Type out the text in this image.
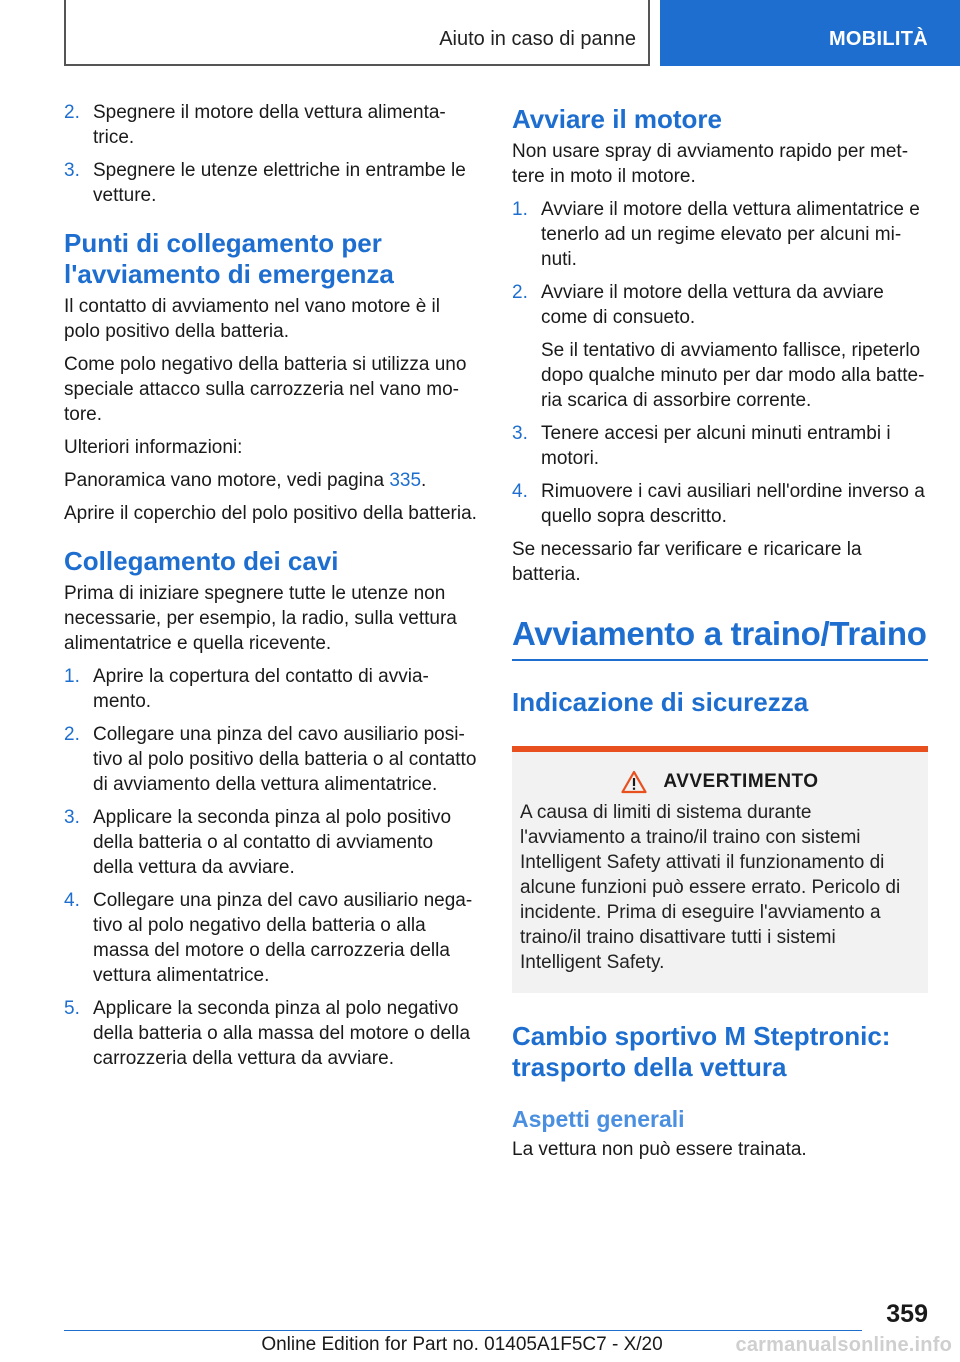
Aiuto in caso di panne	MOBILITÀ
2. Spegnere il motore della vettura alimentatrice.
3. Spegnere le utenze elettriche in entrambe le vetture.
Punti di collegamento per l'avviamento di emergenza

Il contatto di avviamento nel vano motore è il polo positivo della batteria.

Come polo negativo della batteria si utilizza uno speciale attacco sulla carrozzeria nel vano motore.

Ulteriori informazioni:

Panoramica vano motore, vedi pagina 335.

Aprire il coperchio del polo positivo della batteria.

Collegamento dei cavi

Prima di iniziare spegnere tutte le utenze non necessarie, per esempio, la radio, sulla vettura alimentatrice e quella ricevente.

1. Aprire la copertura del contatto di avviamento.
2. Collegare una pinza del cavo ausiliario positivo al polo positivo della batteria o al contatto di avviamento della vettura alimentatrice.
3. Applicare la seconda pinza al polo positivo della batteria o al contatto di avviamento della vettura da avviare.
4. Collegare una pinza del cavo ausiliario negativo al polo negativo della batteria o alla massa del motore o della carrozzeria della vettura alimentatrice.
5. Applicare la seconda pinza al polo negativo della batteria o alla massa del motore o della carrozzeria della vettura da avviare.
Avviare il motore

Non usare spray di avviamento rapido per mettere in moto il motore.

1. Avviare il motore della vettura alimentatrice e tenerlo ad un regime elevato per alcuni minuti.
2. Avviare il motore della vettura da avviare come di consueto.

Se il tentativo di avviamento fallisce, ripeterlo dopo qualche minuto per dar modo alla batteria scarica di assorbire corrente.

3. Tenere accesi per alcuni minuti entrambi i motori.
4. Rimuovere i cavi ausiliari nell'ordine inverso a quello sopra descritto.

Se necessario far verificare e ricaricare la batteria.

Avviamento a traino/Traino
Indicazione di sicurezza
AVVERTIMENTO

A causa di limiti di sistema durante l'avviamento a traino/il traino con sistemi Intelligent Safety attivati il funzionamento di alcune funzioni può essere errato. Pericolo di incidente. Prima di eseguire l'avviamento a traino/il traino disattivare tutti i sistemi Intelligent Safety.

Cambio sportivo M Steptronic: trasporto della vettura
Aspetti generali

La vettura non può essere trainata.

359
Online Edition for Part no. 01405A1F5C7 - X/20	carmanualsonline.info
